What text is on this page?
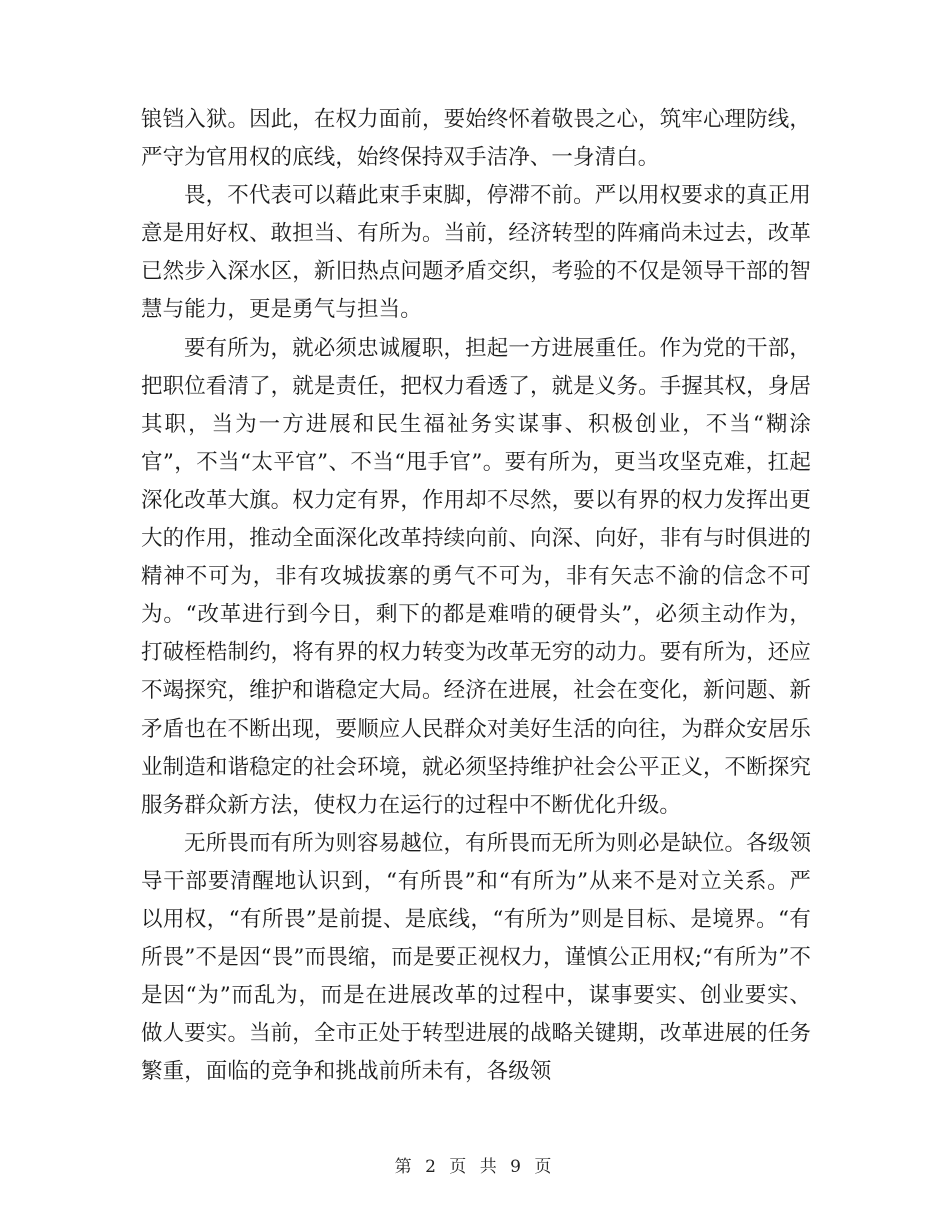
锒铛入狱。因此，在权力面前，要始终怀着敬畏之心，筑牢心理防线，严守为官用权的底线，始终保持双手洁净、一身清白。

畏，不代表可以藉此束手束脚，停滞不前。严以用权要求的真正用意是用好权、敢担当、有所为。当前，经济转型的阵痛尚未过去，改革已然步入深水区，新旧热点问题矛盾交织，考验的不仅是领导干部的智慧与能力，更是勇气与担当。

要有所为，就必须忠诚履职，担起一方进展重任。作为党的干部，把职位看清了，就是责任，把权力看透了，就是义务。手握其权，身居其职，当为一方进展和民生福祉务实谋事、积极创业，不当“糊涂官”，不当“太平官”、不当“甩手官”。要有所为，更当攻坚克难，扛起深化改革大旗。权力定有界，作用却不尽然，要以有界的权力发挥出更大的作用，推动全面深化改革持续向前、向深、向好，非有与时俱进的精神不可为，非有攻城拔寨的勇气不可为，非有矢志不渝的信念不可为。“改革进行到今日，剩下的都是难啃的硬骨头”，必须主动作为，打破桎梏制约，将有界的权力转变为改革无穷的动力。要有所为，还应不竭探究，维护和谐稳定大局。经济在进展，社会在变化，新问题、新矛盾也在不断出现，要顺应人民群众对美好生活的向往，为群众安居乐业制造和谐稳定的社会环境，就必须坚持维护社会公平正义，不断探究服务群众新方法，使权力在运行的过程中不断优化升级。

无所畏而有所为则容易越位，有所畏而无所为则必是缺位。各级领导干部要清醒地认识到，“有所畏”和“有所为”从来不是对立关系。严以用权，“有所畏”是前提、是底线，“有所为”则是目标、是境界。“有所畏”不是因“畏”而畏缩，而是要正视权力，谨慎公正用权;“有所为”不是因“为”而乱为，而是在进展改革的过程中，谋事要实、创业要实、做人要实。当前，全市正处于转型进展的战略关键期，改革进展的任务繁重，面临的竞争和挑战前所未有，各级领

第 2 页 共 9 页
